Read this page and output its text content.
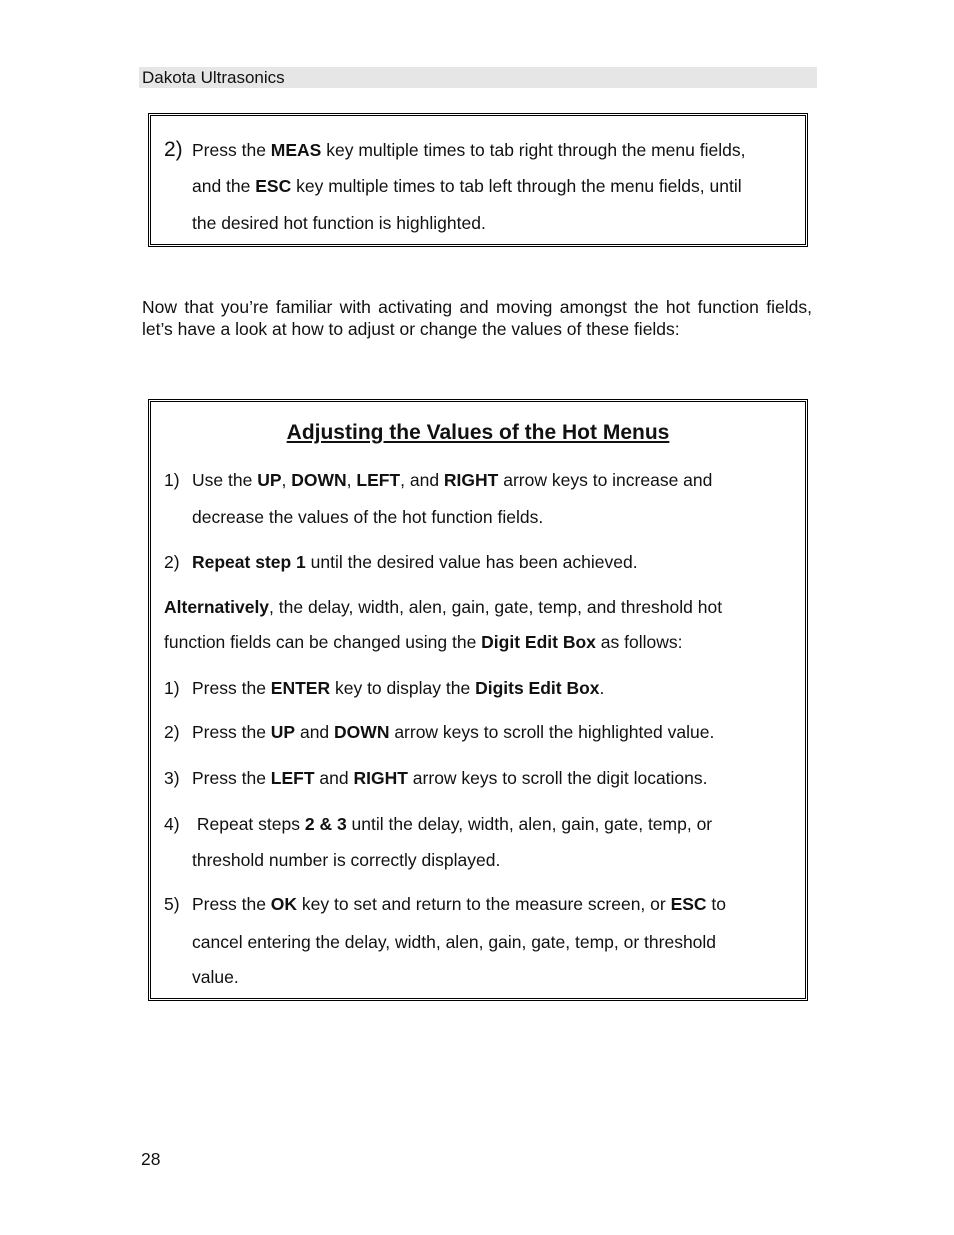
Dakota Ultrasonics
2) Press the MEAS key multiple times to tab right through the menu fields,
and the ESC key multiple times to tab left through the menu fields, until
the desired hot function is highlighted.
Now that you’re familiar with activating and moving amongst the hot function fields, let’s have a look at how to adjust or change the values of these fields:
Adjusting the Values of the Hot Menus
1) Use the UP, DOWN, LEFT, and RIGHT arrow keys to increase and
decrease the values of the hot function fields.
2) Repeat step 1 until the desired value has been achieved.
Alternatively, the delay, width, alen, gain, gate, temp, and threshold hot
function fields can be changed using the Digit Edit Box as follows:
1) Press the ENTER key to display the Digits Edit Box.
2) Press the UP and DOWN arrow keys to scroll the highlighted value.
3) Press the LEFT and RIGHT arrow keys to scroll the digit locations.
4) Repeat steps 2 & 3 until the delay, width, alen, gain, gate, temp, or
threshold number is correctly displayed.
5) Press the OK key to set and return to the measure screen, or ESC to
cancel entering the delay, width, alen, gain, gate, temp, or threshold
value.
28
